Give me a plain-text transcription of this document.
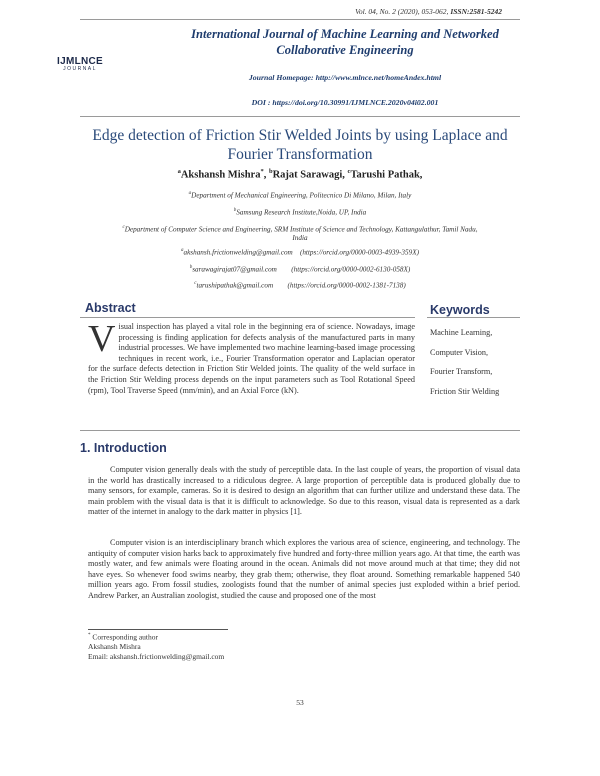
Vol. 04, No. 2 (2020), 053-062, ISSN:2581-5242
IJMLNCE
JOURNAL
International Journal of Machine Learning and Networked Collaborative Engineering
Journal Homepage: http://www.mlnce.net/homeAndex.html
DOI : https://doi.org/10.30991/IJMLNCE.2020v04i02.001
Edge detection of Friction Stir Welded Joints by using Laplace and Fourier Transformation
$^a$Akshansh Mishra*, $^b$Rajat Sarawagi, $^c$Tarushi Pathak,
$^a$Department of Mechanical Engineering, Politecnico Di Milano, Milan, Italy
$^b$Samsung Research Institute,Noida, UP, India
$^c$Department of Computer Science and Engineering, SRM Institute of Science and Technology, Kattangulathur, Tamil Nadu, India
$^a$akshansh.frictionwelding@gmail.com (https://orcid.org/0000-0003-4939-359X)
$^b$sarawagirajat07@gmail.com (https://orcid.org/0000-0002-6130-058X)
$^c$tarushipathak@gmail.com (https://orcid.org/0000-0002-1381-7138)
Abstract	Keywords
Visual inspection has played a vital role in the beginning era of science. Nowadays, image processing is finding application for defects analysis of the manufactured parts in many industrial processes. We have implemented two machine learning-based image processing techniques in recent work, i.e., Fourier Transformation operator and Laplacian operator for the surface defects detection in Friction Stir Welded joints. The quality of the weld surface in the Friction Stir Welding process depends on the input parameters such as Tool Rotational Speed (rpm), Tool Traverse Speed (mm/min), and an Axial Force (kN).
Machine Learning,
Computer Vision,
Fourier Transform,
Friction Stir Welding
1. Introduction
Computer vision generally deals with the study of perceptible data. In the last couple of years, the proportion of visual data in the world has drastically increased to a ridiculous degree. A large proportion of perceptible data is produced globally due to many sensors, for example, cameras. So it is desired to design an algorithm that can further utilize and understand these data. The main problem with the visual data is that it is difficult to acknowledge. So due to this reason, visual data is represented as a dark matter of the internet in analogy to the dark matter in physics [1].
Computer vision is an interdisciplinary branch which explores the various area of science, engineering, and technology. The antiquity of computer vision harks back to approximately five hundred and forty-three million years ago. At that time, the earth was mostly water, and few animals were floating around in the ocean. Animals did not move around much at that time; they did not have eyes. So whenever food swims nearby, they grab them; otherwise, they float around. Something remarkable happened 540 million years ago. From fossil studies, zoologists found that the number of animal species just exploded within a brief period. Andrew Parker, an Australian zoologist, studied the cause and proposed one of the most
* Corresponding author
Akshansh Mishra
Email: akshansh.frictionwelding@gmail.com
53
